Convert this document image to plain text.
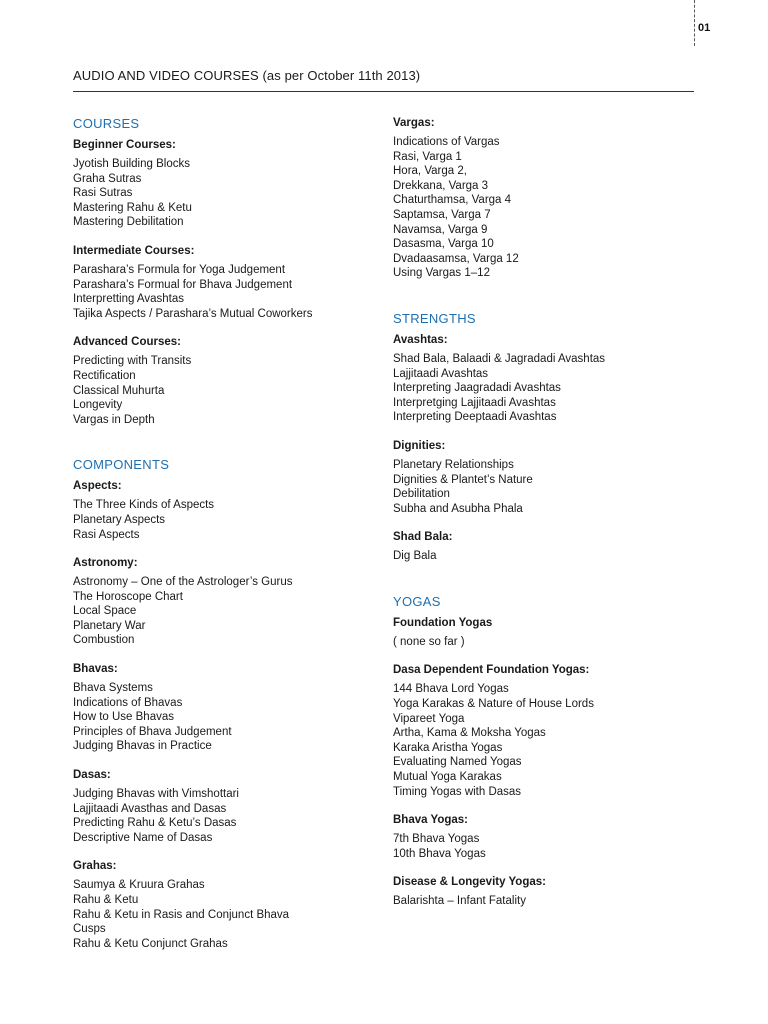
01
AUDIO AND VIDEO COURSES (as per October 11th 2013)
COURSES
Beginner Courses:
Jyotish Building Blocks
Graha Sutras
Rasi Sutras
Mastering Rahu & Ketu
Mastering Debilitation
Intermediate Courses:
Parashara’s Formula for Yoga Judgement
Parashara’s Formual for Bhava Judgement
Interpretting Avashtas
Tajika Aspects / Parashara’s Mutual Coworkers
Advanced Courses:
Predicting with Transits
Rectification
Classical Muhurta
Longevity
Vargas in Depth
COMPONENTS
Aspects:
The Three Kinds of Aspects
Planetary Aspects
Rasi Aspects
Astronomy:
Astronomy – One of the Astrologer’s Gurus
The Horoscope Chart
Local Space
Planetary War
Combustion
Bhavas:
Bhava Systems
Indications of Bhavas
How to Use Bhavas
Principles of Bhava Judgement
Judging Bhavas in Practice
Dasas:
Judging Bhavas with Vimshottari
Lajjitaadi Avasthas and Dasas
Predicting Rahu & Ketu’s Dasas
Descriptive Name of Dasas
Grahas:
Saumya & Kruura Grahas
Rahu & Ketu
Rahu & Ketu in Rasis and Conjunct Bhava
Cusps
Rahu & Ketu Conjunct Grahas
Vargas:
Indications of Vargas
Rasi, Varga 1
Hora, Varga 2,
Drekkana, Varga 3
Chaturthamsa, Varga 4
Saptamsa, Varga 7
Navamsa, Varga 9
Dasasma, Varga 10
Dvadaasamsa, Varga 12
Using Vargas 1–12
STRENGTHS
Avashtas:
Shad Bala, Balaadi & Jagradadi Avashtas
Lajjitaadi Avashtas
Interpreting Jaagradadi Avashtas
Interpretging Lajjitaadi Avashtas
Interpreting Deeptaadi Avashtas
Dignities:
Planetary Relationships
Dignities & Plantet’s Nature
Debilitation
Subha and Asubha Phala
Shad Bala:
Dig Bala
YOGAS
Foundation Yogas
( none so far )
Dasa Dependent Foundation Yogas:
144 Bhava Lord Yogas
Yoga Karakas & Nature of House Lords
Vipareet Yoga
Artha, Kama & Moksha Yogas
Karaka Aristha Yogas
Evaluating Named Yogas
Mutual Yoga Karakas
Timing Yogas with Dasas
Bhava Yogas:
7th Bhava Yogas
10th Bhava Yogas
Disease & Longevity Yogas:
Balarishta – Infant Fatality
